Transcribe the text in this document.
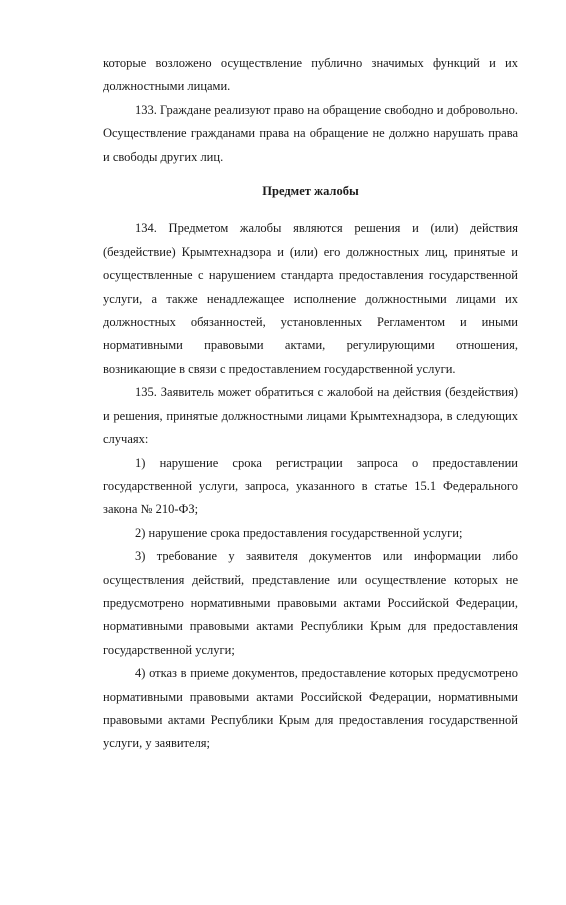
которые возложено осуществление публично значимых функций и их должностными лицами.

133. Граждане реализуют право на обращение свободно и добровольно. Осуществление гражданами права на обращение не должно нарушать права и свободы других лиц.

Предмет жалобы

134. Предметом жалобы являются решения и (или) действия (бездействие) Крымтехнадзора и (или) его должностных лиц, принятые и осуществленные с нарушением стандарта предоставления государственной услуги, а также ненадлежащее исполнение должностными лицами их должностных обязанностей, установленных Регламентом и иными нормативными правовыми актами, регулирующими отношения, возникающие в связи с предоставлением государственной услуги.

135. Заявитель может обратиться с жалобой на действия (бездействия) и решения, принятые должностными лицами Крымтехнадзора, в следующих случаях:

1) нарушение срока регистрации запроса о предоставлении государственной услуги, запроса, указанного в статье 15.1 Федерального закона № 210-ФЗ;

2) нарушение срока предоставления государственной услуги;

3) требование у заявителя документов или информации либо осуществления действий, представление или осуществление которых не предусмотрено нормативными правовыми актами Российской Федерации, нормативными правовыми актами Республики Крым для предоставления государственной услуги;

4) отказ в приеме документов, предоставление которых предусмотрено нормативными правовыми актами Российской Федерации, нормативными правовыми актами Республики Крым для предоставления государственной услуги, у заявителя;
